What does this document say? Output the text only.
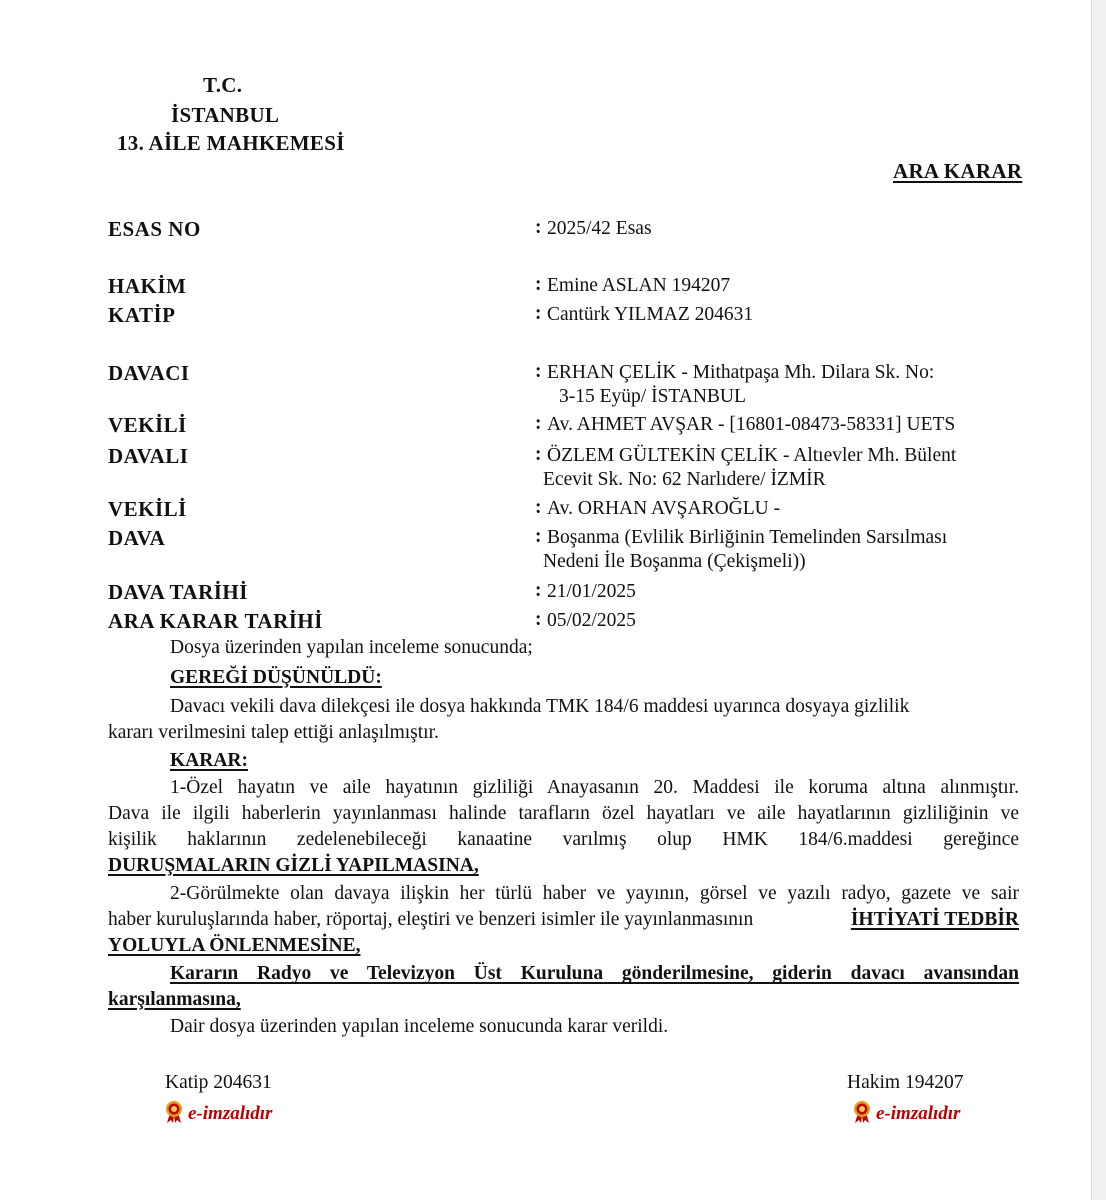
T.C.
İSTANBUL
13. AİLE MAHKEMESİ
ARA KARAR
ESAS NO	: 2025/42 Esas
HAKİM	: Emine ASLAN 194207
KATİP	: Cantürk YILMAZ 204631
DAVACI	: ERHAN ÇELİK - Mithatpaşa Mh. Dilara Sk. No:
3-15 Eyüp/ İSTANBUL
VEKİLİ	: Av. AHMET AVŞAR - [16801-08473-58331] UETS
DAVALI	: ÖZLEM GÜLTEKİN ÇELİK - Altıevler Mh. Bülent
Ecevit Sk. No: 62 Narlıdere/ İZMİR
VEKİLİ	: Av. ORHAN AVŞAROĞLU -
DAVA	: Boşanma (Evlilik Birliğinin Temelinden Sarsılması
Nedeni İle Boşanma (Çekişmeli))
DAVA TARİHİ	: 21/01/2025
ARA KARAR TARİHİ	: 05/02/2025
Dosya üzerinden yapılan inceleme sonucunda;
GEREĞİ DÜŞÜNÜLDÜ:
Davacı vekili dava dilekçesi ile dosya hakkında TMK 184/6 maddesi uyarınca dosyaya gizlilik
kararı verilmesini talep ettiği anlaşılmıştır.
KARAR:
1-Özel hayatın ve aile hayatının gizliliği Anayasanın 20. Maddesi ile koruma altına alınmıştır.
Dava ile ilgili haberlerin yayınlanması halinde tarafların özel hayatları ve aile hayatlarının gizliliğinin ve
kişilik haklarının zedelenebileceği kanaatine varılmış olup HMK 184/6.maddesi gereğince
DURUŞMALARIN GİZLİ YAPILMASINA,
2-Görülmekte olan davaya ilişkin her türlü haber ve yayının, görsel ve yazılı radyo, gazete ve sair
haber kuruluşlarında haber, röportaj, eleştiri ve benzeri isimler ile yayınlanmasının	İHTİYATİ TEDBİR
YOLUYLA ÖNLENMESİNE,
Kararın Radyo ve Televizyon Üst Kuruluna gönderilmesine, giderin davacı avansından
karşılanmasına,
Dair dosya üzerinden yapılan inceleme sonucunda karar verildi.
Katip 204631
e-imzalıdır
Hakim 194207
e-imzalıdır
